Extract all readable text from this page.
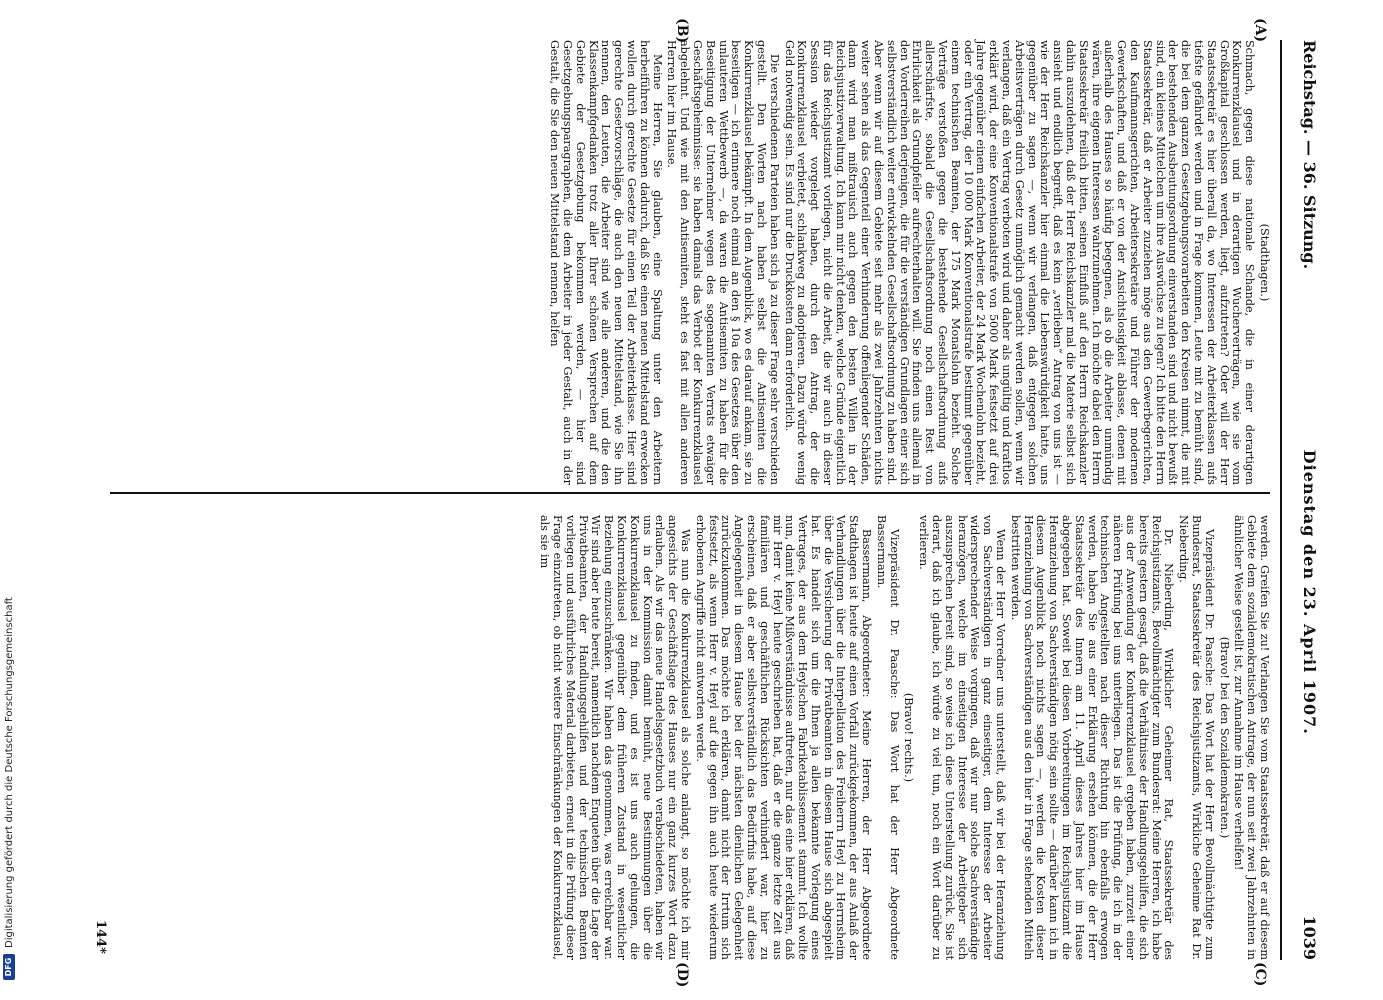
Reichstag. — 36. Sitzung.
Dienstag den 23. April 1907.
1039
(A)
(B)
(C)
(D)

(Stadthagen.)

Schmach, gegen diese nationale Schande, die in einer derartigen Konkurrenzklausel und in derartigen Wucherverträgen, wie sie vom Großkapital geschlossen werden, liegt, aufzutreten? Oder will der Herr Staatssekretär es hier überall da, wo Interessen der Arbeiterklassen aufs tiefste gefährdet werden und in Frage kommen, Leute mit zu bemüht sind, die bei dem ganzen Gesetzgebungsvorarbeiten den Kreisen nimmt, die mit der bestehenden Ausbeutungsordnung einverstanden sind und nicht bewußt sind, ein kleines Mittelchen um ihre Auswüchse zu legen? Ich bitte den Herrn Staatssekretär, daß er Arbeiter zuziehen möge aus den Gewerbegerichten, den Kaufmannsgerichten, Arbeitersekretäre und Führer der modernen Gewerkschaften, und daß er von der Ansichtslosigkeit ablasse, denen mit außerhalb des Hauses so häufig begegnen, als ob die Arbeiter unmündig wären, ihre eigenen Interessen wahrzunehmen. Ich möchte dabei den Herrn Staatssekretär freilich bitten, seinen Einfluß auf den Herrn Reichskanzler dahin auszudehnen, daß der Herr Reichskanzler mal die Materie selbst sich ansieht und endlich begreift, daß es kein „verlieben“ Antrag von uns ist — wie der Herr Reichskanzler hier einmal die Liebenswürdigkeit hatte, uns gegenüber zu sagen —, wenn wir verlangen, daß entgegen solchen Arbeitsverträgen durch Gesetz unmöglich gemacht werden sollen, wenn wir verlangen, daß ein Vertrag verboten wird und daher als ungültig und kraftlos erklärt wird, der eine Konventionalstrafe von 5000 Mark festsetzt auf drei Jahre gegenüber einem einfachen Arbeiter, der 24 Mark Wochenlohn bezieht, oder ein Vertrag, der 10 000 Mark Konventionalstrafe bestimmt gegenüber einem technischen Beamten, der 175 Mark Monatslohn bezieht. Solche Verträge verstoßen gegen die bestehende Gesellschaftsordnung aufs allerschärfste, sobald die Gesellschaftsordnung noch einen Rest von Ehrlichkeit als Grundpfeiler aufrechterhalten will. Sie finden uns allemal in den Vorderreihen derjenigen, die für die verständigen Grundlagen einer sich selbstverständlich weiter entwickelnden Gesellschaftsordnung zu haben sind. Aber wenn wir auf diesem Gebiete seit mehr als zwei Jahrzehnten nichts weiter sehen als das Gegenteil einer Verhinderung offenliegender Schäden, dann wird man mißtrauisch auch gegen den besten Willen in der Reichsjustizverwaltung. Ich kann mir nicht denken, welche Gründe eigentlich für das Reichsjustizamt vorliegen, nicht die Arbeit, die wir auch in dieser Session wieder vorgelegt haben, durch den Antrag, der die Konkurrenzklausel verbietet, schlankweg zu adoptieren. Dazu würde wenig Geld notwendig sein. Es sind nur die Druckkosten dann erforderlich.

Die verschiedenen Parteien haben sich ja zu dieser Frage sehr verschieden gestellt. Den Worten nach haben selbst die Antisemiten die Konkurrenzklausel bekämpft. In dem Augenblick, wo es darauf ankam, sie zu beseitigen — ich erinnere noch einmal an den § 10a des Gesetzes über den unlauteren Wettbewerb —, da waren die Antisemiten zu haben für die Beseitigung der Unternehmer wegen des sogenannten Verrats etwaiger Geschäftsgeheimnisse: sie haben damals das Verbot der Konkurrenzklausel abgelehnt. Und wie mit den Antisemiten, steht es fast mit allen anderen Herren hier im Hause.

Meine Herren, Sie glauben, eine Spaltung unter den Arbeitern herbeiführen zu können dadurch, daß Sie einen neuen Mittelstand erwecken wollen durch gerechte Gesetze für einen Teil der Arbeiterklasse. Hier sind gerechte Gesetzvorschläge, die auch den neuen Mittelstand, wie Sie ihn nennen, den Leuten, die Arbeiter sind wie alle anderen, und die den Klassenkampfgedanken trotz aller Ihrer schönen Versprechen auf dem Gebiete der Gesetzgebung bekommen werden, — hier sind Gesetzgebungsparagraphen, die dem Arbeiter in jeder Gestalt, auch in der Gestalt, die Sie den neuen Mittelstand nennen, helfen

werden. Greifen Sie zu! Verlangen Sie vom Staatssekretär, daß er auf diesem Gebiete dem sozialdemokratischen Antrage, der nun seit zwei Jahrzehnten in ähnlicher Weise gestellt ist, zur Annahme im Hause verhelfen!

(Bravo! bei den Sozialdemokraten.)

Vizepräsident Dr. Paasche: Das Wort hat der Herr Bevollmächtigte zum Bundesrat, Staatssekretär des Reichsjustizamts, Wirkliche Geheime Rat Dr. Nieberding.

Dr. Nieberding, Wirklicher Geheimer Rat, Staatssekretär des Reichsjustizamts, Bevollmächtigter zum Bundesrat: Meine Herren, ich habe bereits gestern gesagt, daß die Verhältnisse der Handlungsgehilfen, die sich aus der Anwendung der Konkurrenzklausel ergeben haben, zurzeit einer näheren Prüfung bei uns unterliegen. Das ist die Prüfung, die ich in der technischen Angestellten nach dieser Richtung hin ebenfalls erwogen werden, haben Sie aus einer Erklärung ersehen können, die der Herr Staatssekretär des Innern am 11. April dieses Jahres hier im Hause abgegeben hat. Soweit bei diesen Vorbereitungen im Reichsjustizamt die Heranziehung von Sachverständigen nötig sein sollte — darüber kann ich in diesem Augenblick noch nichts sagen —, werden die Kosten dieser Heranziehung von Sachverständigen aus den hier in Frage stehenden Mitteln bestritten werden.

Wenn der Herr Vorredner uns unterstellt, daß wir bei der Heranziehung von Sachverständigen in ganz einseitiger, dem Interesse der Arbeiter widersprechender Weise vorgingen, daß wir nur solche Sachverständige heranzögen, welche im einseitigen Interesse der Arbeitgeber sich auszusprechen bereit sind, so weise ich diese Unterstellung zurück. Sie ist derart, daß ich glaube, ich würde zu viel tun, noch ein Wort darüber zu verlieren.

(Bravo! rechts.)

Vizepräsident Dr. Paasche: Das Wort hat der Herr Abgeordnete Bassermann.

Bassermann, Abgeordneter: Meine Herren, der Herr Abgeordnete Stadthagen ist heute auf einen Vorfall zurückgekommen, der aus Anlaß der Verhandlungen über die Interpellation des Freiherrn Heyl zu Herrnsheim über die Versicherung der Privatbeamten in diesem Hause sich abgespielt hat. Es handelt sich um die Ihnen ja allen bekannte Vorlegung eines Vertrages, der aus dem Heylschen Fabriketablissement stammt. Ich wollte nun, damit keine Mißverständnisse auftreten, nur das eine hier erklären, daß mir Herr v. Heyl heute geschrieben hat, daß er die ganze letzte Zeit aus familiären und geschäftlichen Rücksichten verhindert war, hier zu erscheinen, daß er aber selbstverständlich das Bedürfnis habe, auf diese Angelegenheit in diesem Hause bei der nächsten dienlichen Gelegenheit zurückzukommen. Das möchte ich erklären, damit nicht der Irrtum sich festsetzt, als wenn Herr v. Heyl auf die gegen ihn auch heute wiederum erhobenen Angriffe nicht antworten werde.

Was nun die Konkurrenzklausel als solche anlangt, so möchte ich mir angesichts der Geschäftslage des Hauses nur ein ganz kurzes Wort dazu erlauben. Als wir das neue Handelsgesetzbuch verabschiedeten, haben wir uns in der Kommission damit bemüht, neue Bestimmungen über die Konkurrenzklausel zu finden, und es ist uns auch gelungen, die Konkurrenzklausel gegenüber dem früheren Zustand in wesentlicher Beziehung einzuschränken. Wir haben das genommen, was erreichbar war. Wir sind aber heute bereit, namentlich nachdem Enqueten über die Lage der Privatbeamten, der Handlungsgehilfen und der technischen Beamten vorliegen und ausführliches Material darbieten, erneut in die Prüfung dieser Frage einzutreten, ob nicht weitere Einschränkungen der Konkurrenzklausel, als sie im

144*
DFG
Digitalisierung gefördert durch die Deutsche Forschungsgemeinschaft
